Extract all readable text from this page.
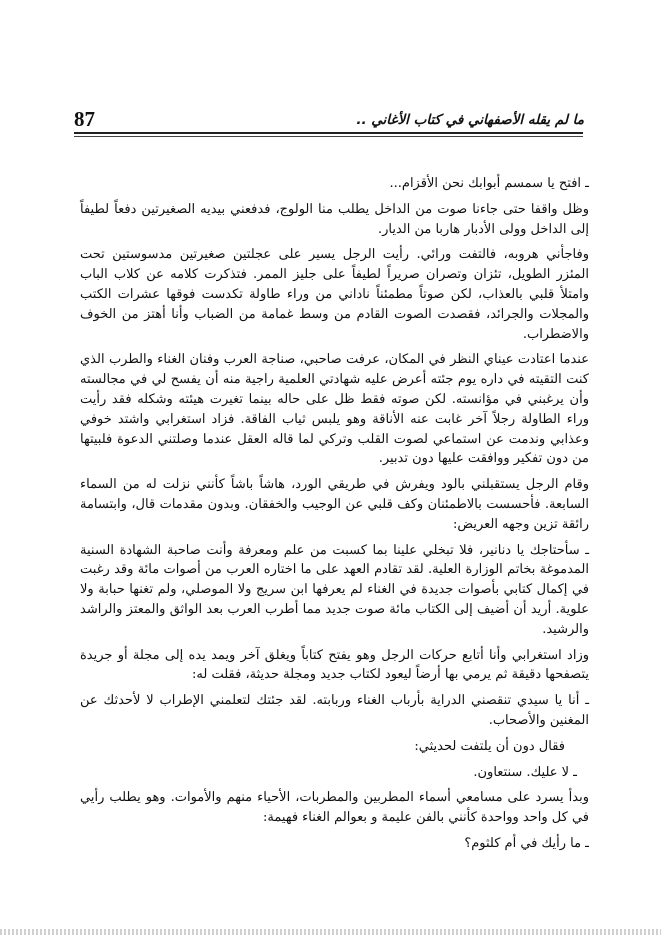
87	ما لم يقله الأصفهاني في كتاب الأغاني ..

ـ افتح يا سمسم أبوابك نحن الأقزام...

وظل واقفا حتى جاءنا صوت من الداخل يطلب منا الولوج، فدفعني بيديه الصغيرتين دفعاً لطيفاً إلى الداخل وولى الأدبار هاربا من الديار.

وفاجأني هروبه، فالتفت ورائي. رأيت الرجل يسير على عجلتين صغيرتين مدسوستين تحت المئزر الطويل، تئزان وتصران صريراً لطيفاً على جليز الممر. فتذكرت كلامه عن كلاب الباب وامتلأ قلبي بالعذاب، لكن صوتاً مطمئناً ناداني من وراء طاولة تكدست فوقها عشرات الكتب والمجلات والجرائد، فقصدت الصوت القادم من وسط غمامة من الضباب وأنا أهتز من الخوف والاضطراب.

عندما اعتادت عيناي النظر في المكان، عرفت صاحبي، صناجة العرب وفنان الغناء والطرب الذي كنت التقيته في داره يوم جئته أعرض عليه شهادتي العلمية راجية منه أن يفسح لي في مجالسته وأن يرغبني في مؤانسته. لكن صوته فقط ظل على حاله بينما تغيرت هيئته وشكله فقد رأيت وراء الطاولة رجلاً آخر غابت عنه الأناقة وهو يلبس ثياب الفاقة. فزاد استغرابي واشتد خوفي وعذابي وندمت عن استماعي لصوت القلب وتركي لما قاله العقل عندما وصلتني الدعوة فلبيتها من دون تفكير ووافقت عليها دون تدبير.

وقام الرجل يستقبلني بالود ويفرش في طريقي الورد، هاشاً باشاً كأنني نزلت له من السماء السابعة. فأحسست بالاطمئنان وكف قلبي عن الوجيب والخفقان. وبدون مقدمات قال، وابتسامة رائقة تزين وجهه العريض:

ـ سأحتاجك يا دنانير، فلا تبخلي علينا بما كسبت من علم ومعرفة وأنت صاحبة الشهادة السنية المدموغة بخاتم الوزارة العلية. لقد تقادم العهد على ما اختاره العرب من أصوات مائة وقد رغبت في إكمال كتابي بأصوات جديدة في الغناء لم يعرفها ابن سريج ولا الموصلي، ولم تغنها حبابة ولا علوية. أريد أن أضيف إلى الكتاب مائة صوت جديد مما أطرب العرب بعد الواثق والمعتز والراشد والرشيد.

وزاد استغرابي وأنا أتابع حركات الرجل وهو يفتح كتاباً ويغلق آخر ويمد يده إلى مجلة أو جريدة يتصفحها دقيقة ثم يرمي بها أرضاً ليعود لكتاب جديد ومجلة حديثة، فقلت له:

ـ أنا يا سيدي تنقصني الدراية بأرباب الغناء وربابته. لقد جئتك لتعلمني الإطراب لا لأحدثك عن المغنين والأصحاب.

فقال دون أن يلتفت لحديثي:

ـ لا عليك. سنتعاون.

وبدأ يسرد على مسامعي أسماء المطربين والمطربات، الأحياء منهم والأموات. وهو يطلب رأيي في كل واحد وواحدة كأنني بالفن عليمة و بعوالم الغناء فهيمة:

ـ ما رأيك في أم كلثوم؟
